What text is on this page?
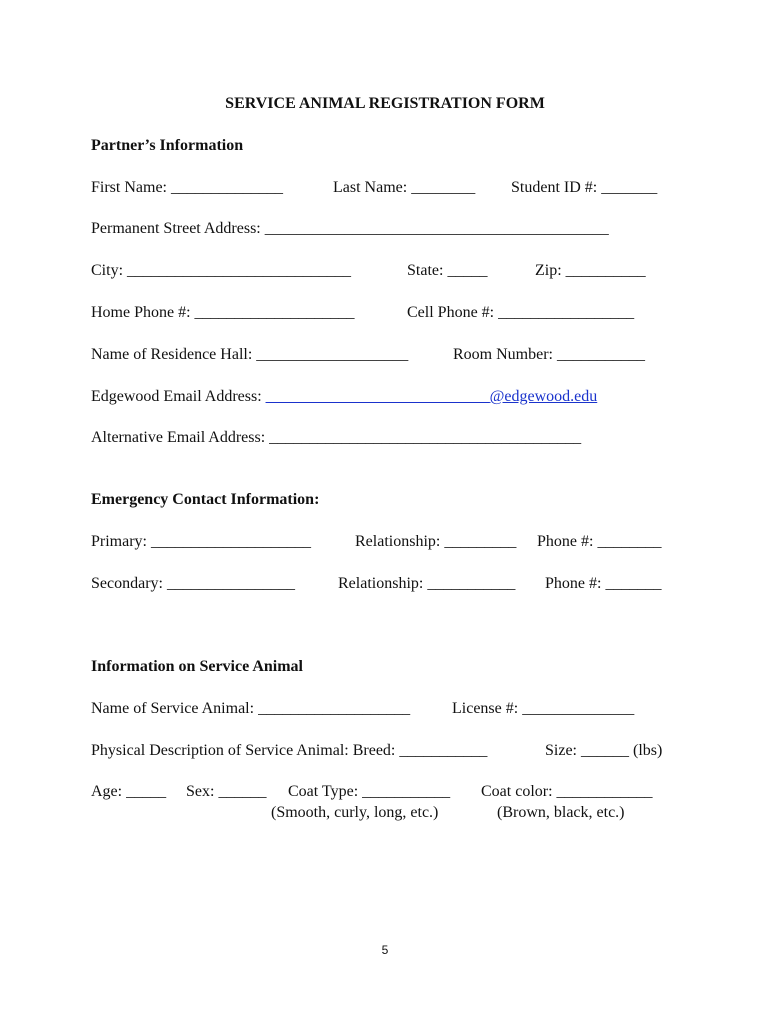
SERVICE ANIMAL REGISTRATION FORM
Partner’s Information
First Name: ______________	Last Name: ________ Student ID #: _______
Permanent Street Address: ___________________________________________
City: ____________________________	State: _____	Zip: __________
Home Phone #: ____________________	Cell Phone #: _________________
Name of Residence Hall: ___________________	Room Number: ___________
Edgewood Email Address: ____________________________@edgewood.edu
Alternative Email Address: _______________________________________
Emergency Contact Information:
Primary: ____________________	Relationship: _________ Phone #: ________
Secondary: ________________	Relationship: ___________ Phone #: _______
Information on Service Animal
Name of Service Animal: ___________________	License #: ______________
Physical Description of Service Animal: Breed: ___________	Size: ______ (lbs)
Age: _____ Sex: ______ Coat Type: ___________ Coat color: ____________
(Smooth, curly, long, etc.)	(Brown, black, etc.)
5
